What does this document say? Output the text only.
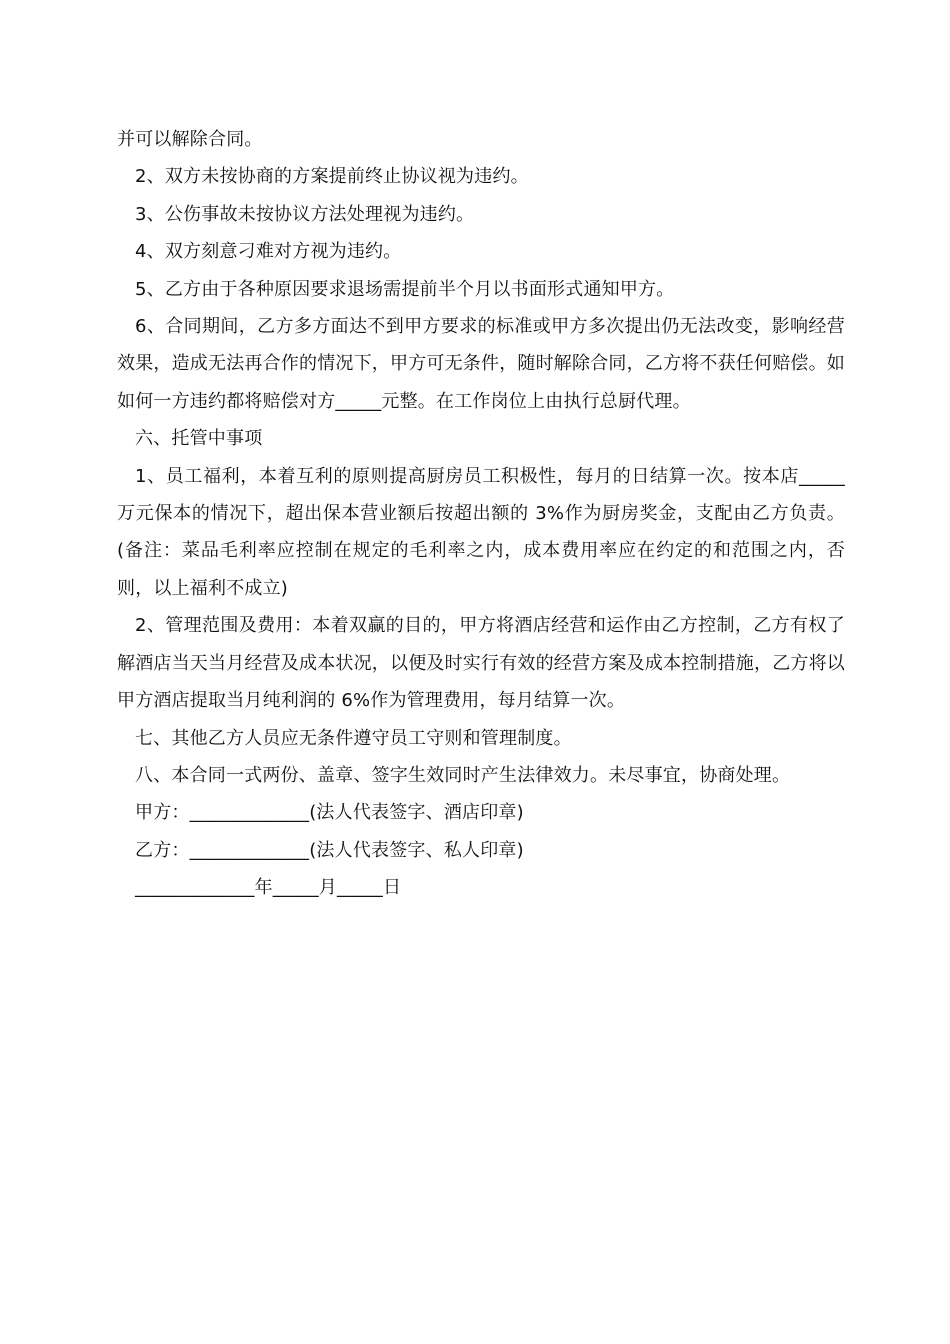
并可以解除合同。

2、双方未按协商的方案提前终止协议视为违约。

3、公伤事故未按协议方法处理视为违约。

4、双方刻意刁难对方视为违约。

5、乙方由于各种原因要求退场需提前半个月以书面形式通知甲方。

6、合同期间，乙方多方面达不到甲方要求的标准或甲方多次提出仍无法改变，影响经营效果，造成无法再合作的情况下，甲方可无条件，随时解除合同，乙方将不获任何赔偿。如如何一方违约都将赔偿对方_____元整。在工作岗位上由执行总厨代理。

六、托管中事项

1、员工福利，本着互利的原则提高厨房员工积极性，每月的日结算一次。按本店_____万元保本的情况下，超出保本营业额后按超出额的 3%作为厨房奖金，支配由乙方负责。(备注：菜品毛利率应控制在规定的毛利率之内，成本费用率应在约定的和范围之内，否则，以上福利不成立)

2、管理范围及费用：本着双赢的目的，甲方将酒店经营和运作由乙方控制，乙方有权了解酒店当天当月经营及成本状况，以便及时实行有效的经营方案及成本控制措施，乙方将以甲方酒店提取当月纯利润的 6%作为管理费用，每月结算一次。

七、其他乙方人员应无条件遵守员工守则和管理制度。

八、本合同一式两份、盖章、签字生效同时产生法律效力。未尽事宜，协商处理。

甲方：_____________(法人代表签字、酒店印章)

乙方：_____________(法人代表签字、私人印章)

_____________年_____月_____日
